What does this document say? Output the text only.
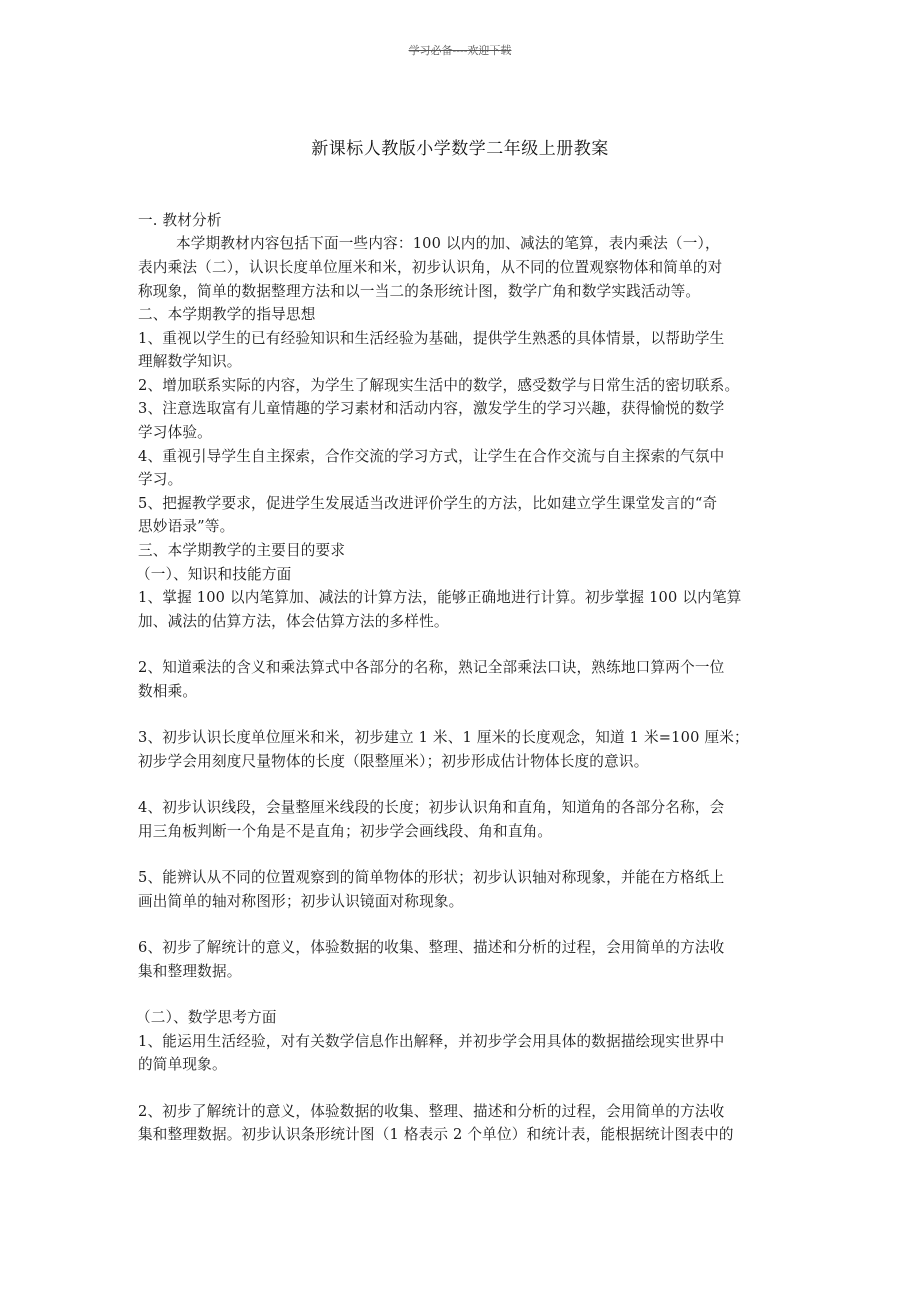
学习必备----欢迎下载
新课标人教版小学数学二年级上册教案
一. 教材分析
本学期教材内容包括下面一些内容：100 以内的加、减法的笔算，表内乘法（一），
表内乘法（二），认识长度单位厘米和米，初步认识角，从不同的位置观察物体和简单的对
称现象，简单的数据整理方法和以一当二的条形统计图，数学广角和数学实践活动等。
二、本学期教学的指导思想
1、重视以学生的已有经验知识和生活经验为基础，提供学生熟悉的具体情景，以帮助学生
理解数学知识。
2、增加联系实际的内容，为学生了解现实生活中的数学，感受数学与日常生活的密切联系。
3、注意选取富有儿童情趣的学习素材和活动内容，激发学生的学习兴趣，获得愉悦的数学
学习体验。
4、重视引导学生自主探索，合作交流的学习方式，让学生在合作交流与自主探索的气氛中
学习。
5、把握教学要求，促进学生发展适当改进评价学生的方法，比如建立学生课堂发言的“奇
思妙语录”等。
三、本学期教学的主要目的要求
（一）、知识和技能方面
1、掌握 100 以内笔算加、减法的计算方法，能够正确地进行计算。初步掌握 100 以内笔算
加、减法的估算方法，体会估算方法的多样性。
2、知道乘法的含义和乘法算式中各部分的名称，熟记全部乘法口诀，熟练地口算两个一位
数相乘。
3、初步认识长度单位厘米和米，初步建立 1 米、1 厘米的长度观念，知道 1 米=100 厘米；
初步学会用刻度尺量物体的长度（限整厘米）；初步形成估计物体长度的意识。
4、初步认识线段，会量整厘米线段的长度；初步认识角和直角，知道角的各部分名称，会
用三角板判断一个角是不是直角；初步学会画线段、角和直角。
5、能辨认从不同的位置观察到的简单物体的形状；初步认识轴对称现象，并能在方格纸上
画出简单的轴对称图形；初步认识镜面对称现象。
6、初步了解统计的意义，体验数据的收集、整理、描述和分析的过程，会用简单的方法收
集和整理数据。
（二）、数学思考方面
1、能运用生活经验，对有关数学信息作出解释，并初步学会用具体的数据描绘现实世界中
的简单现象。
2、初步了解统计的意义，体验数据的收集、整理、描述和分析的过程，会用简单的方法收
集和整理数据。初步认识条形统计图（1 格表示 2 个单位）和统计表，能根据统计图表中的
